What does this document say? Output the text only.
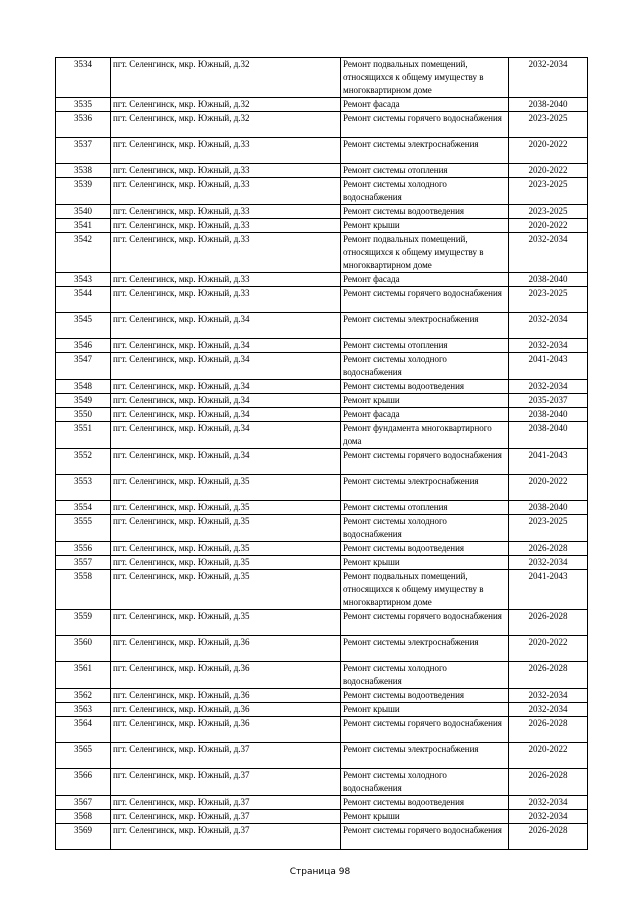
3534	пгт. Селенгинск, мкр. Южный, д.32	Ремонт подвальных помещений, относящихся к общему имуществу в многоквартирном доме	2032-2034
3535	пгт. Селенгинск, мкр. Южный, д.32	Ремонт фасада	2038-2040
3536	пгт. Селенгинск, мкр. Южный, д.32	Ремонт системы горячего водоснабжения	2023-2025
3537	пгт. Селенгинск, мкр. Южный, д.33	Ремонт системы электроснабжения	2020-2022
3538	пгт. Селенгинск, мкр. Южный, д.33	Ремонт системы отопления	2020-2022
3539	пгт. Селенгинск, мкр. Южный, д.33	Ремонт системы холодного водоснабжения	2023-2025
3540	пгт. Селенгинск, мкр. Южный, д.33	Ремонт системы водоотведения	2023-2025
3541	пгт. Селенгинск, мкр. Южный, д.33	Ремонт крыши	2020-2022
3542	пгт. Селенгинск, мкр. Южный, д.33	Ремонт подвальных помещений, относящихся к общему имуществу в многоквартирном доме	2032-2034
3543	пгт. Селенгинск, мкр. Южный, д.33	Ремонт фасада	2038-2040
3544	пгт. Селенгинск, мкр. Южный, д.33	Ремонт системы горячего водоснабжения	2023-2025
3545	пгт. Селенгинск, мкр. Южный, д.34	Ремонт системы электроснабжения	2032-2034
3546	пгт. Селенгинск, мкр. Южный, д.34	Ремонт системы отопления	2032-2034
3547	пгт. Селенгинск, мкр. Южный, д.34	Ремонт системы холодного водоснабжения	2041-2043
3548	пгт. Селенгинск, мкр. Южный, д.34	Ремонт системы водоотведения	2032-2034
3549	пгт. Селенгинск, мкр. Южный, д.34	Ремонт крыши	2035-2037
3550	пгт. Селенгинск, мкр. Южный, д.34	Ремонт фасада	2038-2040
3551	пгт. Селенгинск, мкр. Южный, д.34	Ремонт фундамента многоквартирного дома	2038-2040
3552	пгт. Селенгинск, мкр. Южный, д.34	Ремонт системы горячего водоснабжения	2041-2043
3553	пгт. Селенгинск, мкр. Южный, д.35	Ремонт системы электроснабжения	2020-2022
3554	пгт. Селенгинск, мкр. Южный, д.35	Ремонт системы отопления	2038-2040
3555	пгт. Селенгинск, мкр. Южный, д.35	Ремонт системы холодного водоснабжения	2023-2025
3556	пгт. Селенгинск, мкр. Южный, д.35	Ремонт системы водоотведения	2026-2028
3557	пгт. Селенгинск, мкр. Южный, д.35	Ремонт крыши	2032-2034
3558	пгт. Селенгинск, мкр. Южный, д.35	Ремонт подвальных помещений, относящихся к общему имуществу в многоквартирном доме	2041-2043
3559	пгт. Селенгинск, мкр. Южный, д.35	Ремонт системы горячего водоснабжения	2026-2028
3560	пгт. Селенгинск, мкр. Южный, д.36	Ремонт системы электроснабжения	2020-2022
3561	пгт. Селенгинск, мкр. Южный, д.36	Ремонт системы холодного водоснабжения	2026-2028
3562	пгт. Селенгинск, мкр. Южный, д.36	Ремонт системы водоотведения	2032-2034
3563	пгт. Селенгинск, мкр. Южный, д.36	Ремонт крыши	2032-2034
3564	пгт. Селенгинск, мкр. Южный, д.36	Ремонт системы горячего водоснабжения	2026-2028
3565	пгт. Селенгинск, мкр. Южный, д.37	Ремонт системы электроснабжения	2020-2022
3566	пгт. Селенгинск, мкр. Южный, д.37	Ремонт системы холодного водоснабжения	2026-2028
3567	пгт. Селенгинск, мкр. Южный, д.37	Ремонт системы водоотведения	2032-2034
3568	пгт. Селенгинск, мкр. Южный, д.37	Ремонт крыши	2032-2034
3569	пгт. Селенгинск, мкр. Южный, д.37	Ремонт системы горячего водоснабжения	2026-2028
Страница 98
